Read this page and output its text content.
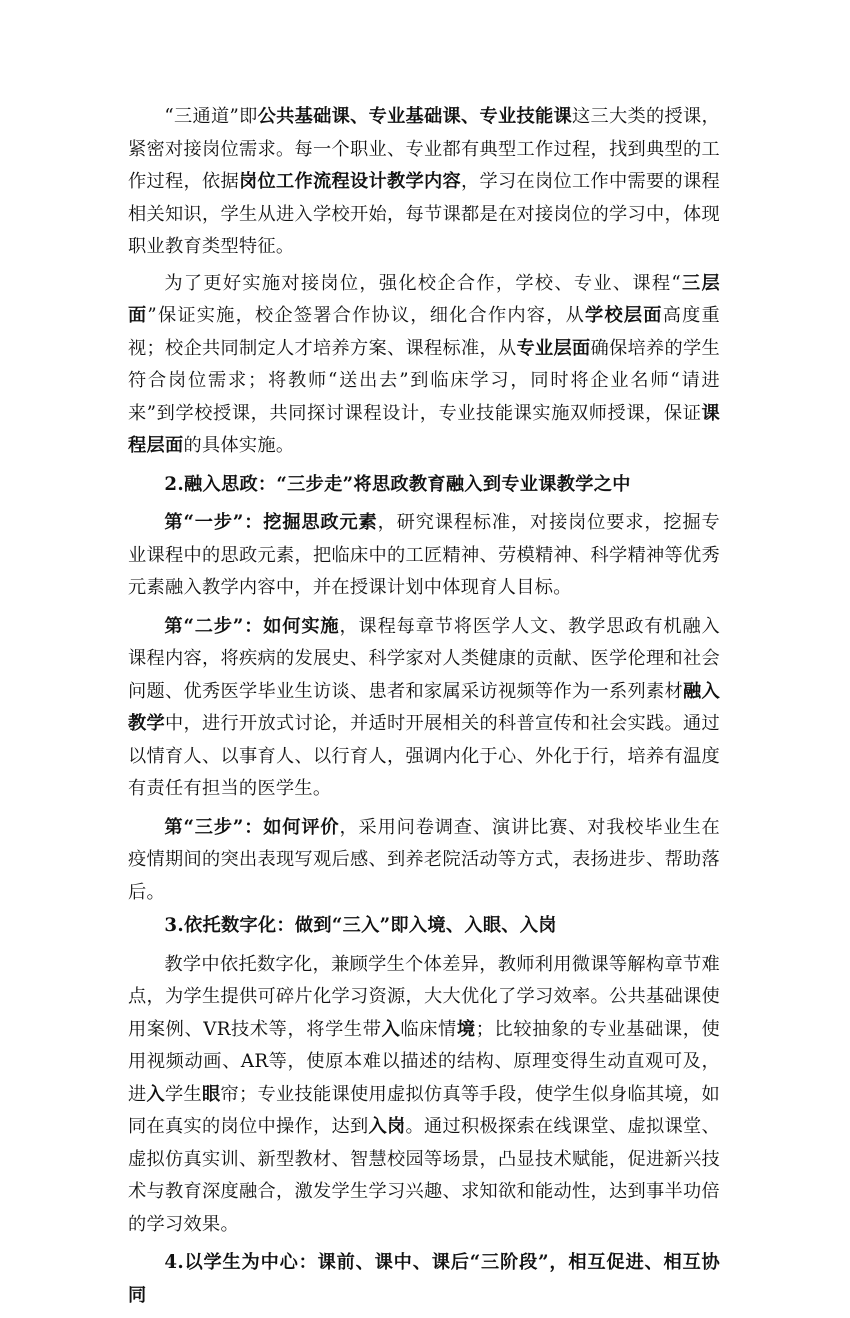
“三通道”即公共基础课、专业基础课、专业技能课这三大类的授课，紧密对接岗位需求。每一个职业、专业都有典型工作过程，找到典型的工作过程，依据岗位工作流程设计教学内容，学习在岗位工作中需要的课程相关知识，学生从进入学校开始，每节课都是在对接岗位的学习中，体现职业教育类型特征。

为了更好实施对接岗位，强化校企合作，学校、专业、课程“三层面”保证实施，校企签署合作协议，细化合作内容，从学校层面高度重视；校企共同制定人才培养方案、课程标准，从专业层面确保培养的学生符合岗位需求；将教师“送出去”到临床学习，同时将企业名师“请进来”到学校授课，共同探讨课程设计，专业技能课实施双师授课，保证课程层面的具体实施。

2.融入思政：“三步走”将思政教育融入到专业课教学之中

第“一步”：挖掘思政元素，研究课程标准，对接岗位要求，挖掘专业课程中的思政元素，把临床中的工匠精神、劳模精神、科学精神等优秀元素融入教学内容中，并在授课计划中体现育人目标。

第“二步”：如何实施，课程每章节将医学人文、教学思政有机融入课程内容，将疾病的发展史、科学家对人类健康的贡献、医学伦理和社会问题、优秀医学毕业生访谈、患者和家属采访视频等作为一系列素材融入教学中，进行开放式讨论，并适时开展相关的科普宣传和社会实践。通过以情育人、以事育人、以行育人，强调内化于心、外化于行，培养有温度有责任有担当的医学生。

第“三步”：如何评价，采用问卷调查、演讲比赛、对我校毕业生在疫情期间的突出表现写观后感、到养老院活动等方式，表扬进步、帮助落后。

3.依托数字化：做到“三入”即入境、入眼、入岗

教学中依托数字化，兼顾学生个体差异，教师利用微课等解构章节难点，为学生提供可碎片化学习资源，大大优化了学习效率。公共基础课使用案例、VR技术等，将学生带入临床情境；比较抽象的专业基础课，使用视频动画、AR等，使原本难以描述的结构、原理变得生动直观可及，进入学生眼帘；专业技能课使用虚拟仿真等手段，使学生似身临其境，如同在真实的岗位中操作，达到入岗。通过积极探索在线课堂、虚拟课堂、虚拟仿真实训、新型教材、智慧校园等场景，凸显技术赋能，促进新兴技术与教育深度融合，激发学生学习兴趣、求知欲和能动性，达到事半功倍的学习效果。

4.以学生为中心：课前、课中、课后“三阶段”，相互促进、相互协同
